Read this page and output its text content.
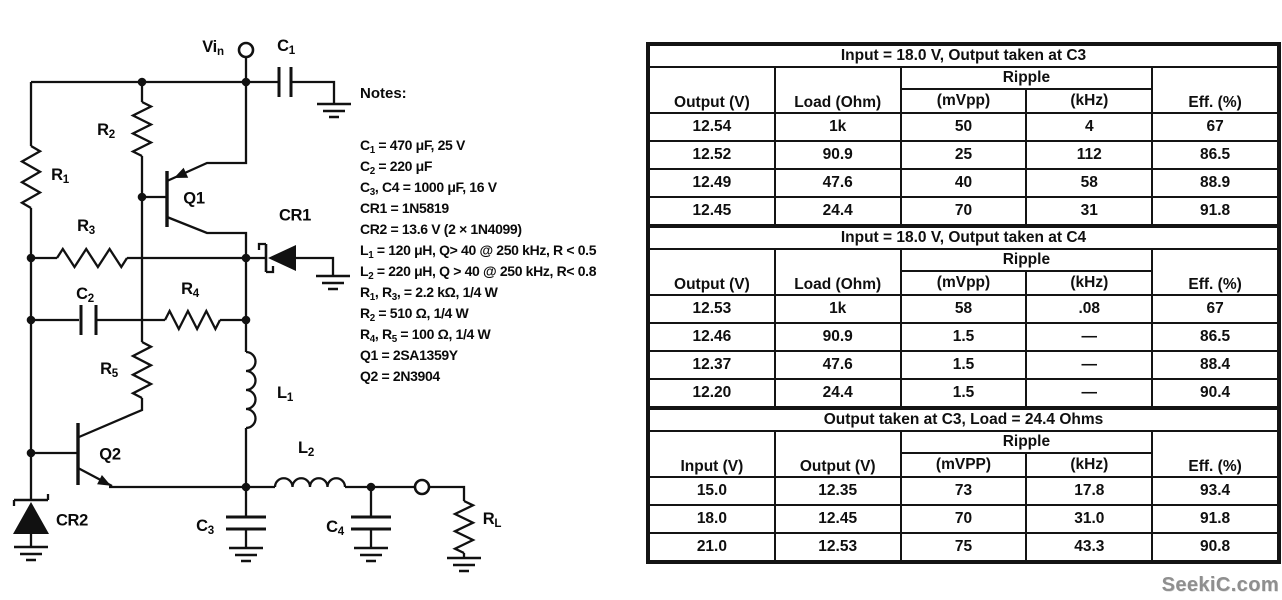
$Vi_n$	$C_1$
$R_2$
$R_1$
Q1
CR1
$R_3$
$C_2$
$R_4$
$R_5$
$L_1$
$L_2$
Q2
CR2	$C_3$	$C_4$
$R_L$
Notes:
$C_1 = 470$ μF, 25 V
$C_2 = 220$ μF
$C_3$, C4 = 1000 μF, 16 V
CR1 = 1N5819
CR2 = 13.6 V (2 × 1N4099)
$L_1 = 120$ μH, Q> 40 @ 250 kHz, R < 0.5
$L_2 = 220$ μH, Q > 40 @ 250 kHz, R< 0.8
$R_1$, $R_3$, = 2.2 kΩ, 1/4 W
$R_2 = 510$ Ω, 1/4 W
$R_4$, $R_5 = 100$ Ω, 1/4 W
Q1 = 2SA1359Y
Q2 = 2N3904
Input = 18.0 V, Output taken at C3				
Output (V)	Load (Ohm)	Ripple		Eff. (%)
		(mVpp)	(kHz)	
12.54	1k	50	4	67
12.52	90.9	25	112	86.5
12.49	47.6	40	58	88.9
12.45	24.4	70	31	91.8
Input = 18.0 V, Output taken at C4				
Output (V)	Load (Ohm)	Ripple		Eff. (%)
		(mVpp)	(kHz)	
12.53	1k	58	.08	67
12.46	90.9	1.5	—	86.5
12.37	47.6	1.5	—	88.4
12.20	24.4	1.5	—	90.4
Output taken at C3, Load = 24.4 Ohms				
Input (V)	Output (V)	Ripple		Eff. (%)
		(mVPP)	(kHz)	
15.0	12.35	73	17.8	93.4
18.0	12.45	70	31.0	91.8
21.0	12.53	75	43.3	90.8
SeekiC.com
